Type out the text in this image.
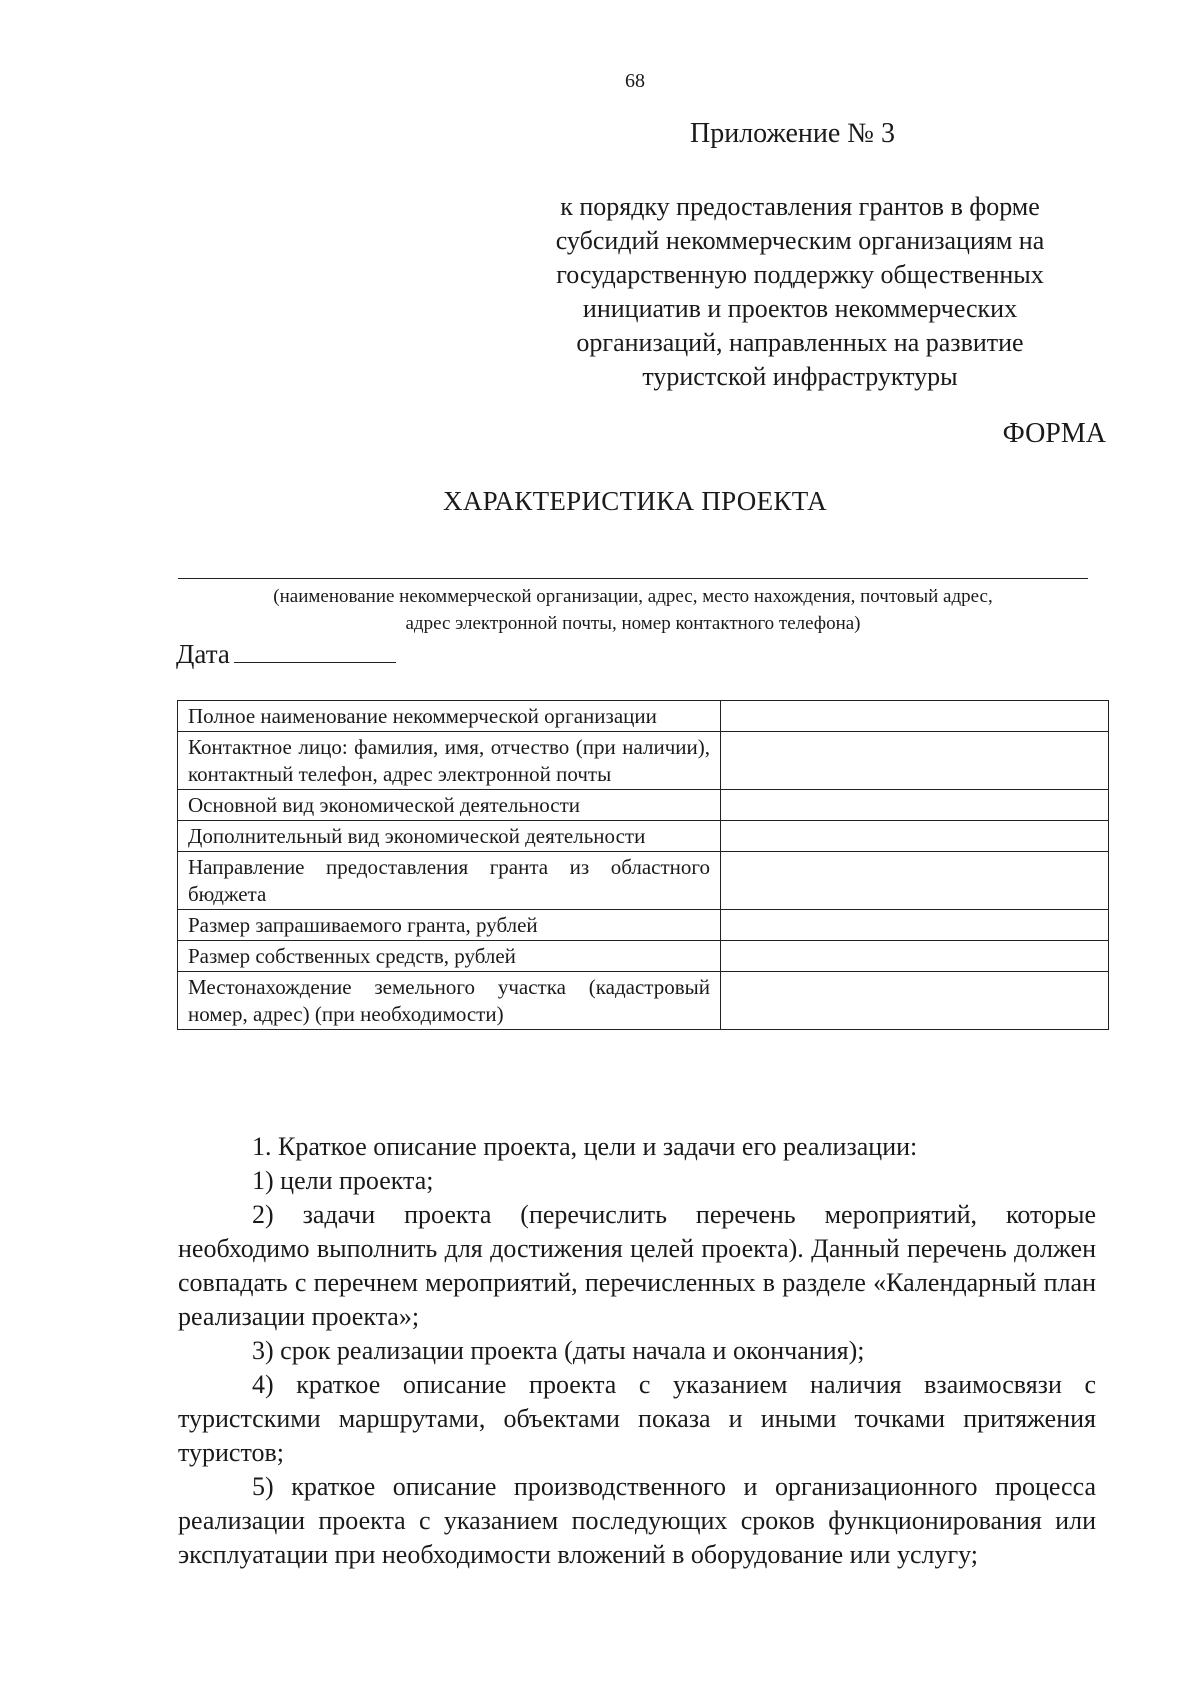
68
Приложение № 3
к порядку предоставления грантов в форме
субсидий некоммерческим организациям на
государственную поддержку общественных
инициатив и проектов некоммерческих
организаций, направленных на развитие
туристской инфраструктуры
ФОРМА
ХАРАКТЕРИСТИКА ПРОЕКТА
(наименование некоммерческой организации, адрес, место нахождения, почтовый адрес,
адрес электронной почты, номер контактного телефона)
Дата
Полное наименование некоммерческой организации	
Контактное лицо: фамилия, имя, отчество (при наличии), контактный телефон, адрес электронной почты	
Основной вид экономической деятельности	
Дополнительный вид экономической деятельности	
Направление предоставления гранта из областного бюджета	
Размер запрашиваемого гранта, рублей	
Размер собственных средств, рублей	
Местонахождение земельного участка (кадастровый номер, адрес) (при необходимости)	

1. Краткое описание проекта, цели и задачи его реализации:

1) цели проекта;

2) задачи проекта (перечислить перечень мероприятий, которые необходимо выполнить для достижения целей проекта). Данный перечень должен совпадать с перечнем мероприятий, перечисленных в разделе «Календарный план реализации проекта»;

3) срок реализации проекта (даты начала и окончания);

4) краткое описание проекта с указанием наличия взаимосвязи с туристскими маршрутами, объектами показа и иными точками притяжения туристов;

5) краткое описание производственного и организационного процесса реализации проекта с указанием последующих сроков функционирования или эксплуатации при необходимости вложений в оборудование или услугу;
